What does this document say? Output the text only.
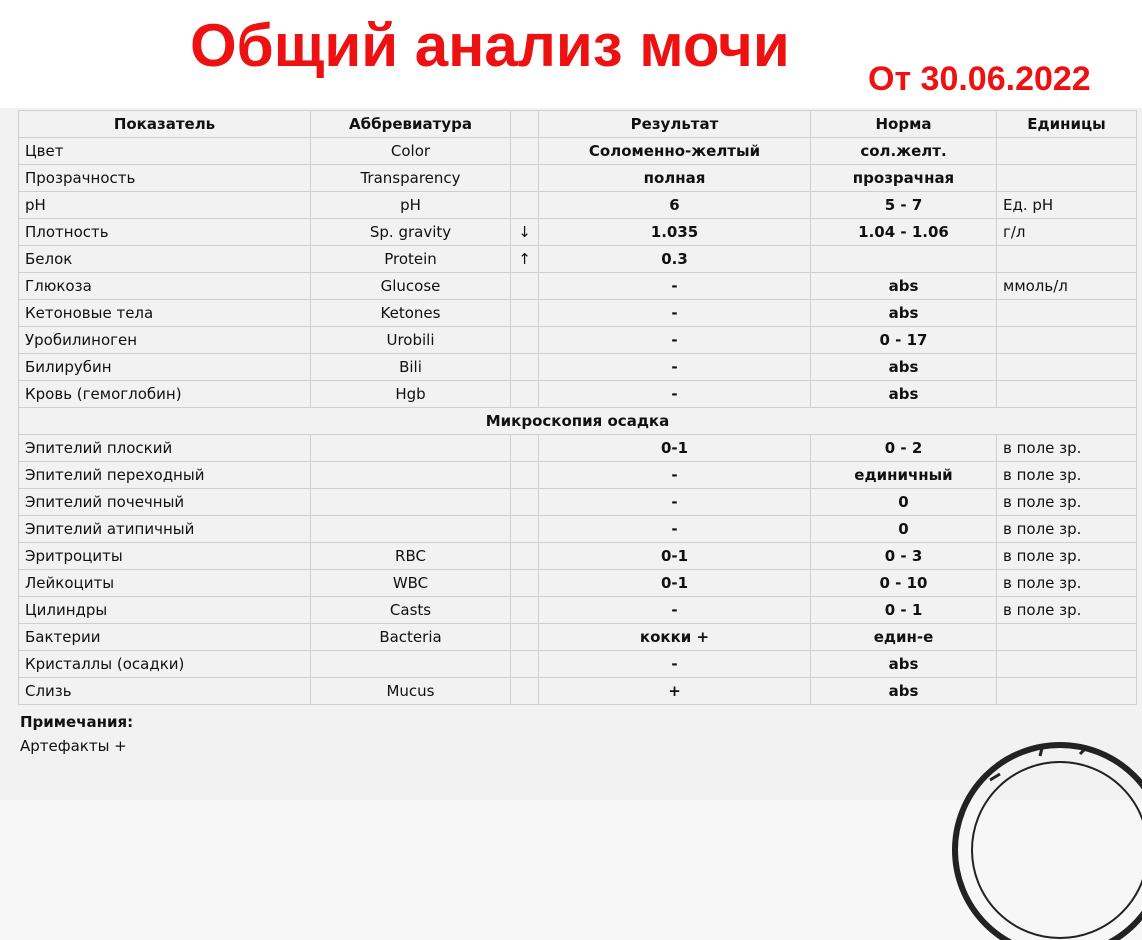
Общий анализ мочи От 30.06.2022
Показатель	Аббревиатура		Результат	Норма	Единицы
Цвет	Color		Соломенно-желтый	сол.желт.	
Прозрачность	Transparency		полная	прозрачная	
pH	pH		6	5 - 7	Ед. pH
Плотность	Sp. gravity	↓	1.035	1.04 - 1.06	г/л
Белок	Protein	↑	0.3		
Глюкоза	Glucose		-	abs	ммоль/л
Кетоновые тела	Ketones		-	abs	
Уробилиноген	Urobili		-	0 - 17	
Билирубин	Bili		-	abs	
Кровь (гемоглобин)	Hgb		-	abs	
Микроскопия осадка					
Эпителий плоский			0-1	0 - 2	в поле зр.
Эпителий переходный			-	единичный	в поле зр.
Эпителий почечный			-	0	в поле зр.
Эпителий атипичный			-	0	в поле зр.
Эритроциты	RBC		0-1	0 - 3	в поле зр.
Лейкоциты	WBC		0-1	0 - 10	в поле зр.
Цилиндры	Casts		-	0 - 1	в поле зр.
Бактерии	Bacteria		кокки +	един-е	
Кристаллы (осадки)			-	abs	
Слизь	Mucus		+	abs	
Примечания:
Артефакты +
